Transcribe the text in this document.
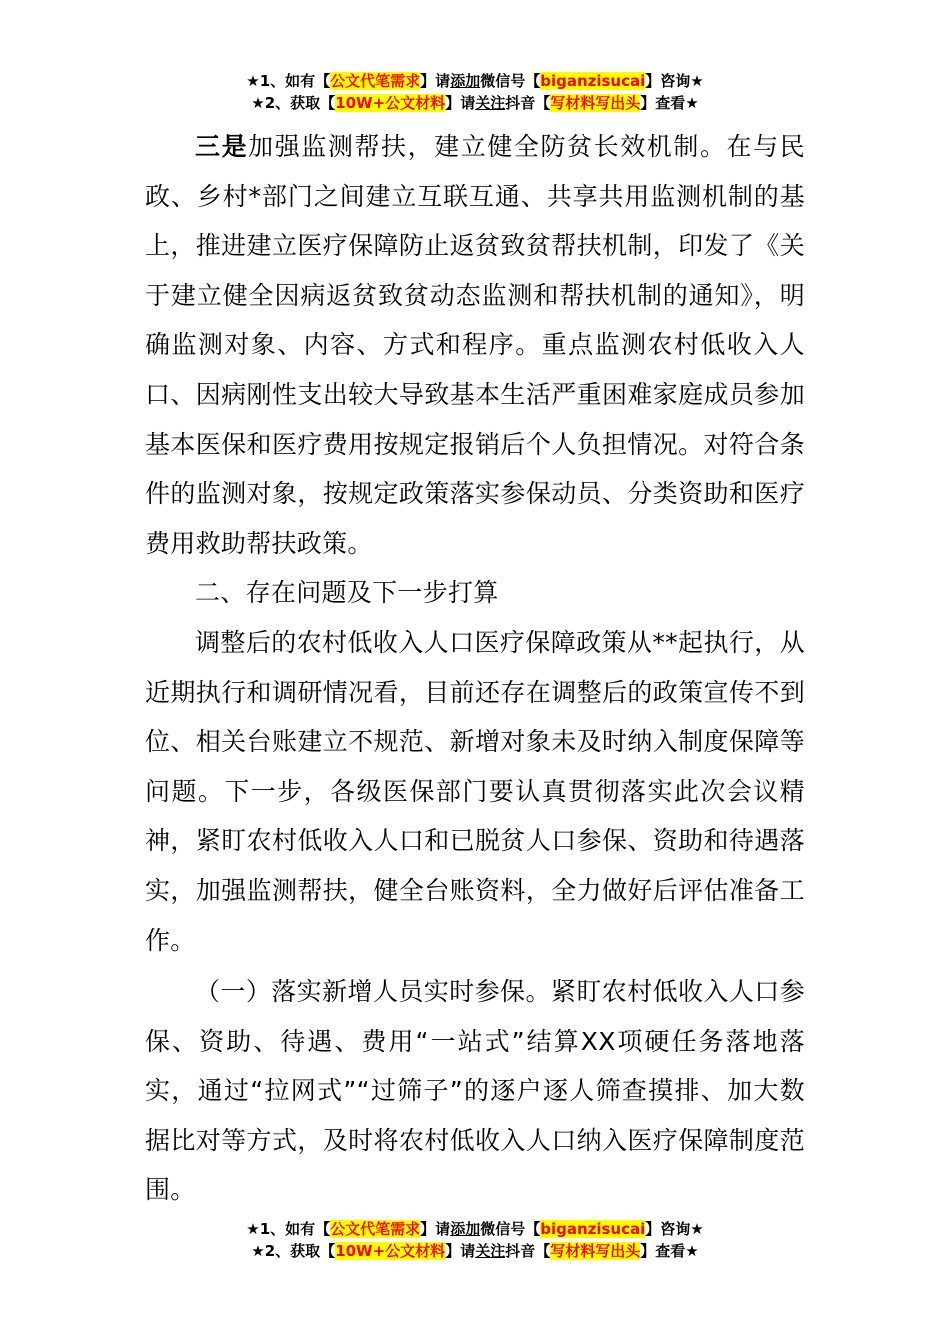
★1、如有【公文代笔需求】请添加微信号【biganzisucai】咨询★
★2、获取【10W+公文材料】请关注抖音【写材料写出头】查看★

三是加强监测帮扶，建立健全防贫长效机制。在与民政、乡村*部门之间建立互联互通、共享共用监测机制的基上，推进建立医疗保障防止返贫致贫帮扶机制，印发了《关于建立健全因病返贫致贫动态监测和帮扶机制的通知》，明确监测对象、内容、方式和程序。重点监测农村低收入人口、因病刚性支出较大导致基本生活严重困难家庭成员参加基本医保和医疗费用按规定报销后个人负担情况。对符合条件的监测对象，按规定政策落实参保动员、分类资助和医疗费用救助帮扶政策。

二、存在问题及下一步打算

调整后的农村低收入人口医疗保障政策从**起执行，从近期执行和调研情况看，目前还存在调整后的政策宣传不到位、相关台账建立不规范、新增对象未及时纳入制度保障等问题。下一步，各级医保部门要认真贯彻落实此次会议精神，紧盯农村低收入人口和已脱贫人口参保、资助和待遇落实，加强监测帮扶，健全台账资料，全力做好后评估准备工作。

（一）落实新增人员实时参保。紧盯农村低收入人口参保、资助、待遇、费用“一站式”结算XX项硬任务落地落实，通过“拉网式”“过筛子”的逐户逐人筛查摸排、加大数据比对等方式，及时将农村低收入人口纳入医疗保障制度范围。

★1、如有【公文代笔需求】请添加微信号【biganzisucai】咨询★
★2、获取【10W+公文材料】请关注抖音【写材料写出头】查看★
